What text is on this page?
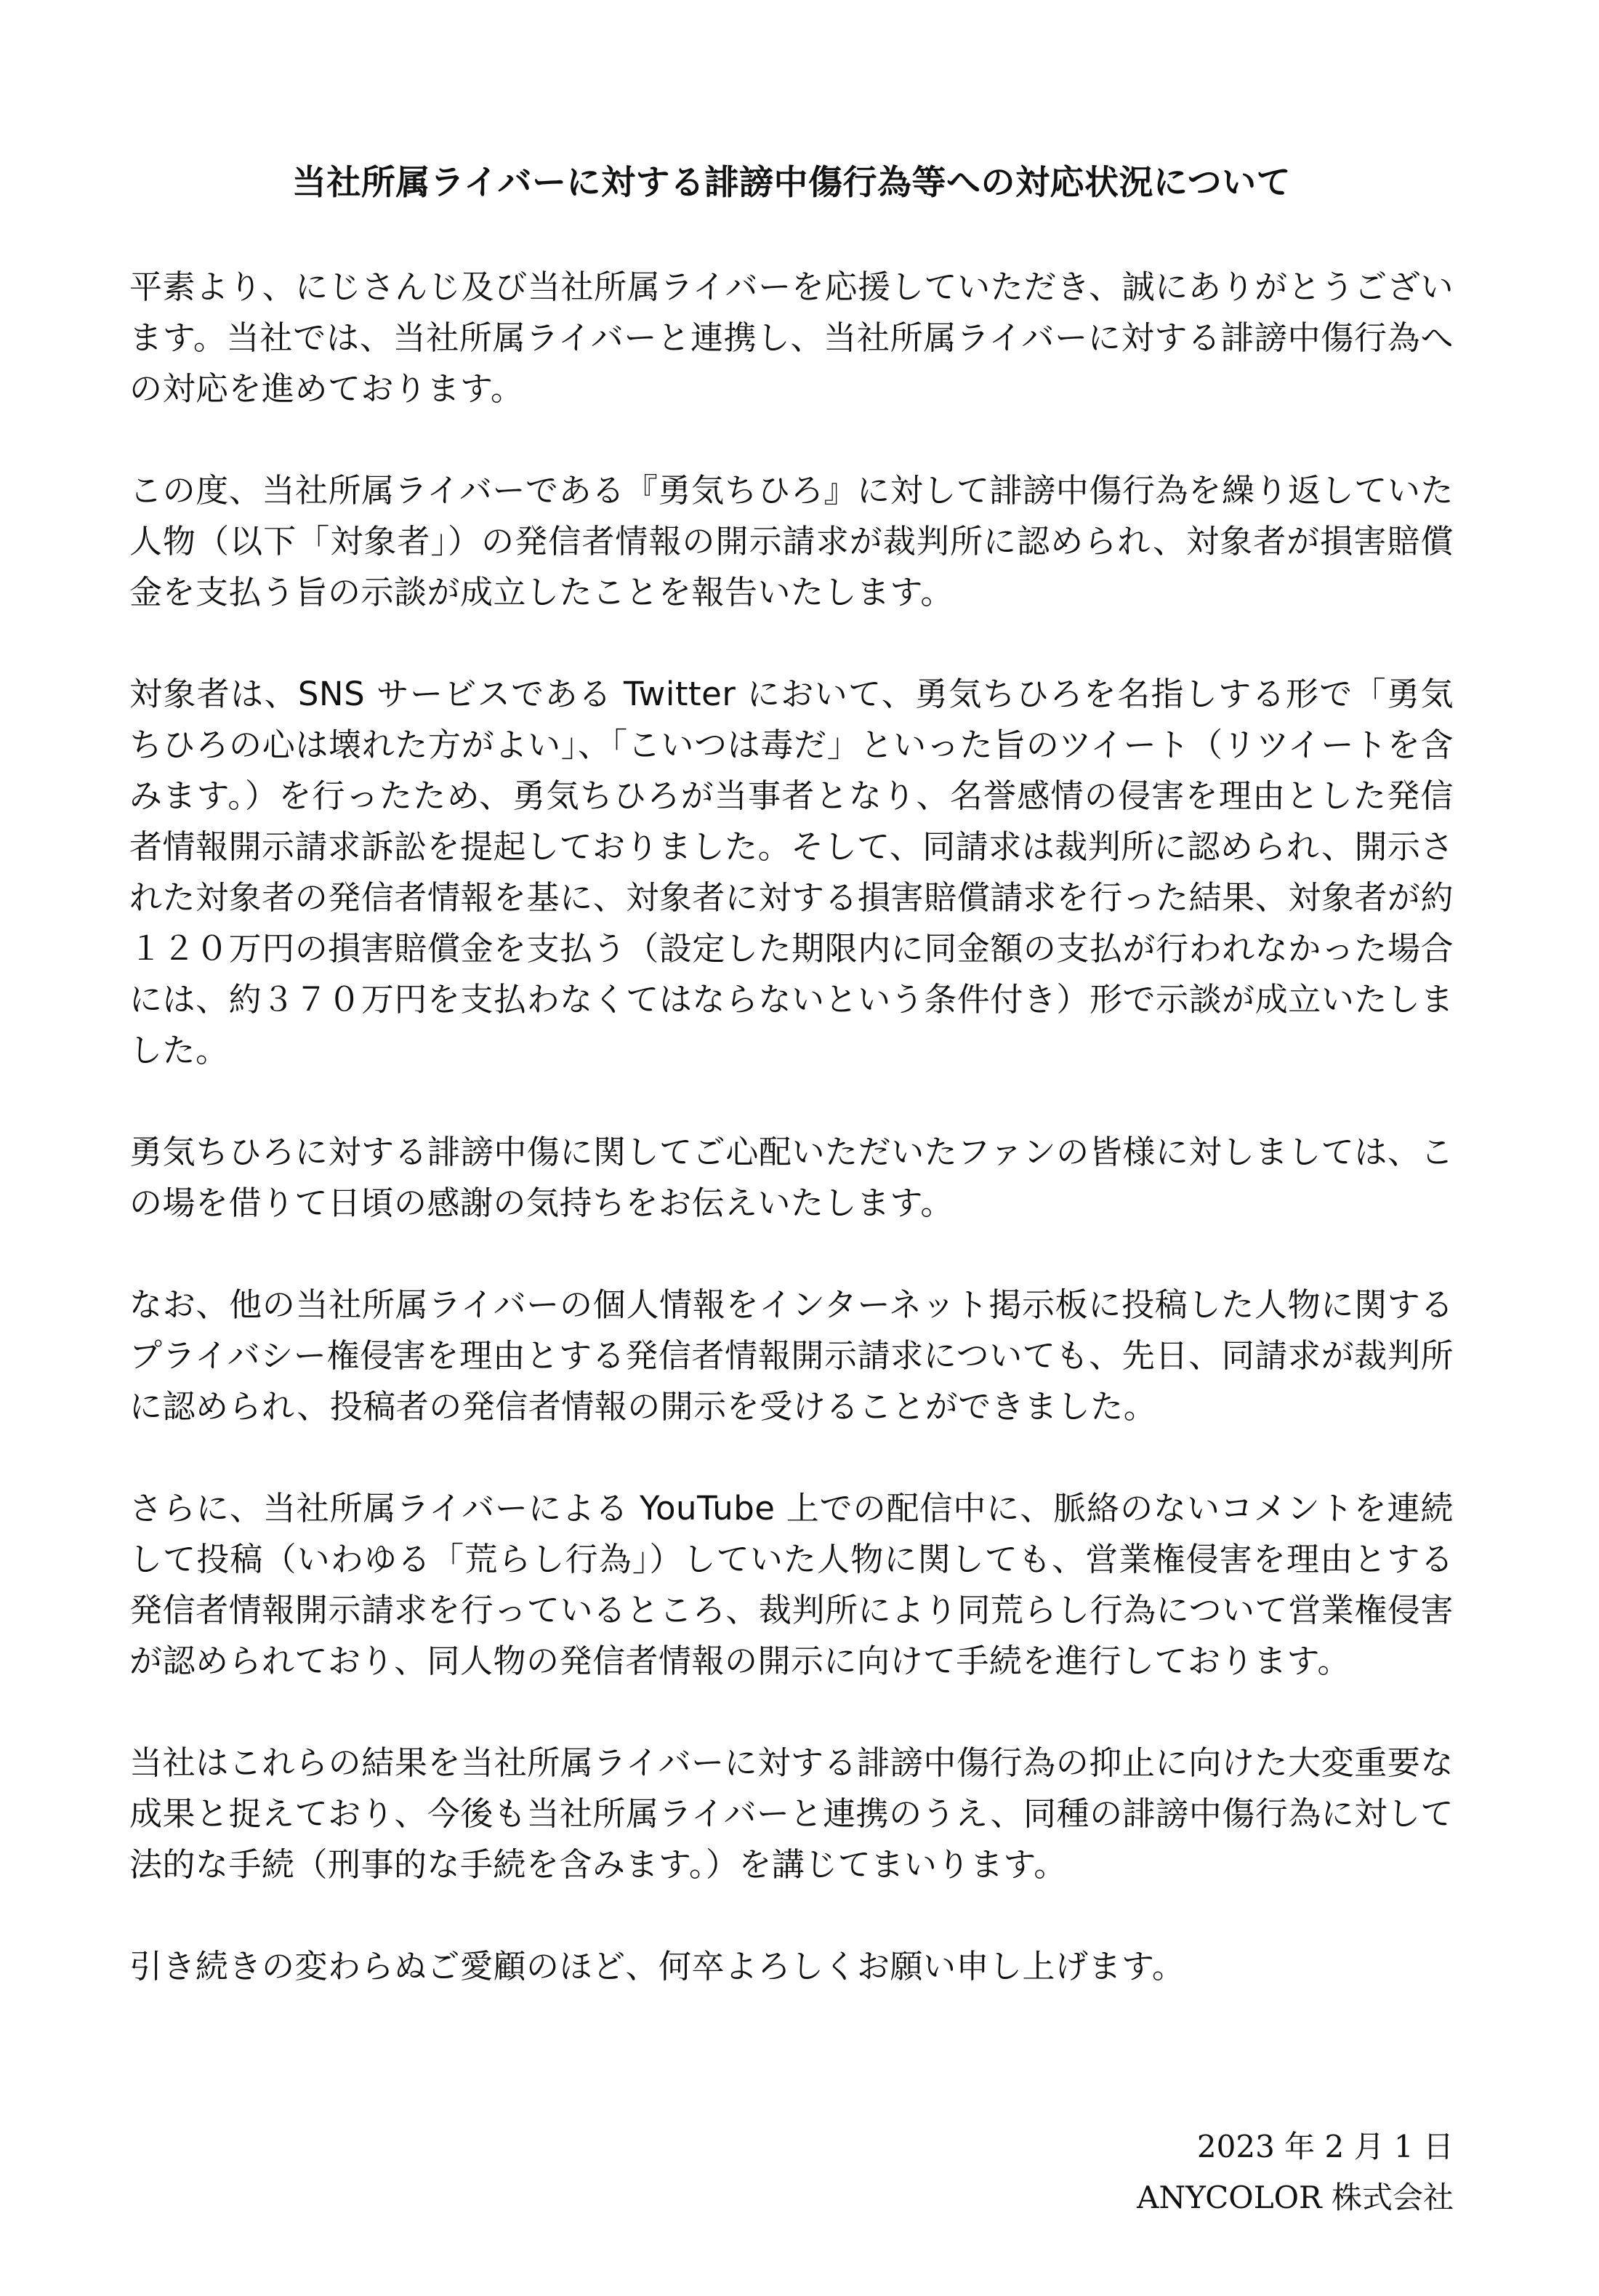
当社所属ライバーに対する誹謗中傷行為等への対応状況について

平素より、にじさんじ及び当社所属ライバーを応援していただき、誠にありがとうございます。当社では、当社所属ライバーと連携し、当社所属ライバーに対する誹謗中傷行為への対応を進めております。

この度、当社所属ライバーである『勇気ちひろ』に対して誹謗中傷行為を繰り返していた人物（以下「対象者」）の発信者情報の開示請求が裁判所に認められ、対象者が損害賠償金を支払う旨の示談が成立したことを報告いたします。

対象者は、SNS サービスである Twitter において、勇気ちひろを名指しする形で「勇気ちひろの心は壊れた方がよい」、「こいつは毒だ」といった旨のツイート（リツイートを含みます。）を行ったため、勇気ちひろが当事者となり、名誉感情の侵害を理由とした発信者情報開示請求訴訟を提起しておりました。そして、同請求は裁判所に認められ、開示された対象者の発信者情報を基に、対象者に対する損害賠償請求を行った結果、対象者が約１２０万円の損害賠償金を支払う（設定した期限内に同金額の支払が行われなかった場合には、約３７０万円を支払わなくてはならないという条件付き）形で示談が成立いたしました。

勇気ちひろに対する誹謗中傷に関してご心配いただいたファンの皆様に対しましては、この場を借りて日頃の感謝の気持ちをお伝えいたします。

なお、他の当社所属ライバーの個人情報をインターネット掲示板に投稿した人物に関するプライバシー権侵害を理由とする発信者情報開示請求についても、先日、同請求が裁判所に認められ、投稿者の発信者情報の開示を受けることができました。

さらに、当社所属ライバーによる YouTube 上での配信中に、脈絡のないコメントを連続して投稿（いわゆる「荒らし行為」）していた人物に関しても、営業権侵害を理由とする発信者情報開示請求を行っているところ、裁判所により同荒らし行為について営業権侵害が認められており、同人物の発信者情報の開示に向けて手続を進行しております。

当社はこれらの結果を当社所属ライバーに対する誹謗中傷行為の抑止に向けた大変重要な成果と捉えており、今後も当社所属ライバーと連携のうえ、同種の誹謗中傷行為に対して法的な手続（刑事的な手続を含みます。）を講じてまいります。

引き続きの変わらぬご愛顧のほど、何卒よろしくお願い申し上げます。

2023 年 2 月 1 日
ANYCOLOR 株式会社
